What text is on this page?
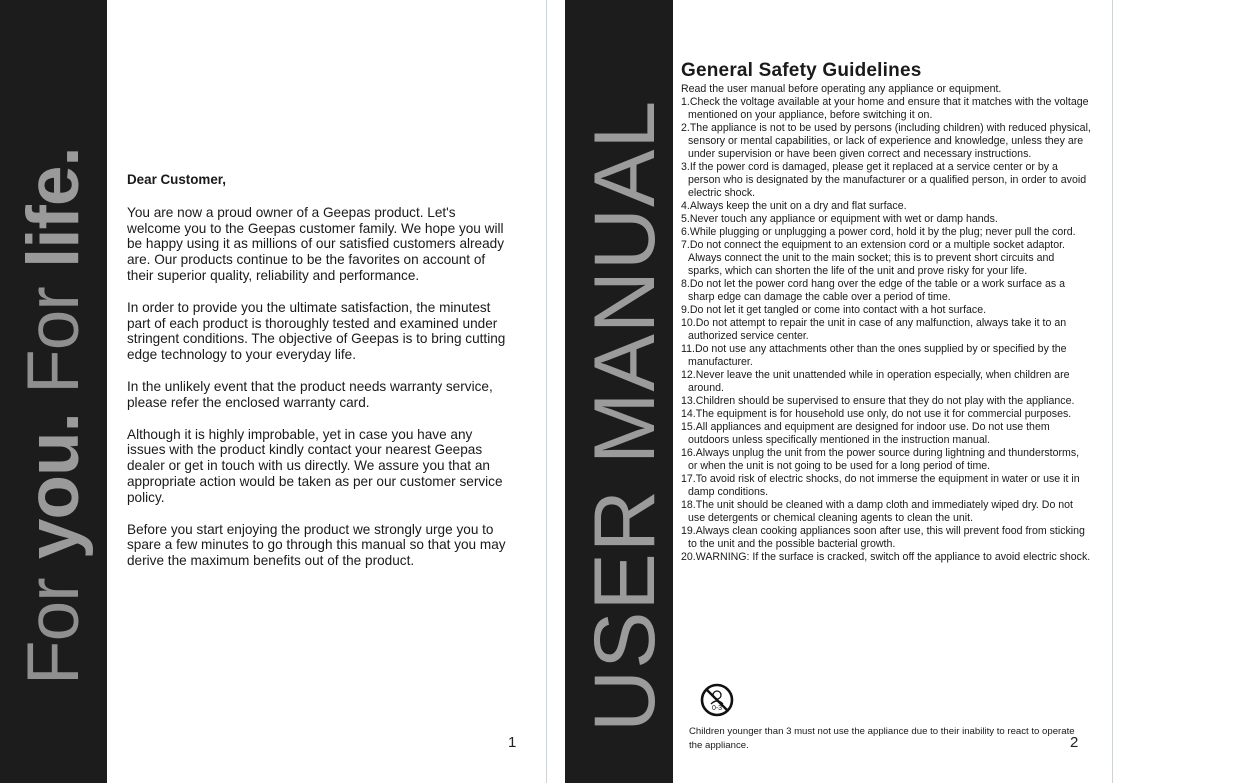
For you. For life. Dear Customer,

You are now a proud owner of a Geepas product. Let's welcome you to the Geepas customer family. We hope you will be happy using it as millions of our satisfied customers already are. Our products continue to be the favorites on account of their superior quality, reliability and performance.

In order to provide you the ultimate satisfaction, the minutest part of each product is thoroughly tested and examined under stringent conditions. The objective of Geepas is to bring cutting edge technology to your everyday life.

In the unlikely event that the product needs warranty service, please refer the enclosed warranty card.

Although it is highly improbable, yet in case you have any issues with the product kindly contact your nearest Geepas dealer or get in touch with us directly. We assure you that an appropriate action would be taken as per our customer service policy.

Before you start enjoying the product we strongly urge you to spare a few minutes to go through this manual so that you may derive the maximum benefits out of the product.

1
USER MANUAL
General Safety Guidelines

Read the user manual before operating any appliance or equipment.

1.Check the voltage available at your home and ensure that it matches with the voltage mentioned on your appliance, before switching it on.
2.The appliance is not to be used by persons (including children) with reduced physical, sensory or mental capabilities, or lack of experience and knowledge, unless they are under supervision or have been given correct and necessary instructions.
3.If the power cord is damaged, please get it replaced at a service center or by a person who is designated by the manufacturer or a qualified person, in order to avoid electric shock.
4.Always keep the unit on a dry and flat surface.
5.Never touch any appliance or equipment with wet or damp hands.
6.While plugging or unplugging a power cord, hold it by the plug; never pull the cord.
7.Do not connect the equipment to an extension cord or a multiple socket adaptor. Always connect the unit to the main socket; this is to prevent short circuits and sparks, which can shorten the life of the unit and prove risky for your life.
8.Do not let the power cord hang over the edge of the table or a work surface as a sharp edge can damage the cable over a period of time.
9.Do not let it get tangled or come into contact with a hot surface.
10.Do not attempt to repair the unit in case of any malfunction, always take it to an authorized service center.
11.Do not use any attachments other than the ones supplied by or specified by the manufacturer.
12.Never leave the unit unattended while in operation especially, when children are around.
13.Children should be supervised to ensure that they do not play with the appliance.
14.The equipment is for household use only, do not use it for commercial purposes.
15.All appliances and equipment are designed for indoor use. Do not use them outdoors unless specifically mentioned in the instruction manual.
16.Always unplug the unit from the power source during lightning and thunderstorms, or when the unit is not going to be used for a long period of time.
17.To avoid risk of electric shocks, do not immerse the equipment in water or use it in damp conditions.
18.The unit should be cleaned with a damp cloth and immediately wiped dry. Do not use detergents or chemical cleaning agents to clean the unit.
19.Always clean cooking appliances soon after use, this will prevent food from sticking to the unit and the possible bacterial growth.
20.WARNING: If the surface is cracked, switch off the appliance to avoid electric shock.
0-3
Children younger than 3 must not use the appliance due to their inability to react to operate the appliance.	2
